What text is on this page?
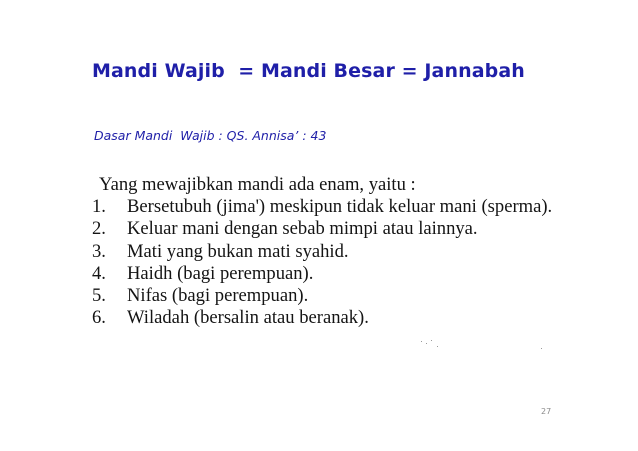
Mandi Wajib  = Mandi Besar = Jannabah
Dasar Mandi  Wajib : QS. Annisa’ : 43
Yang mewajibkan mandi ada enam, yaitu :
1.	Bersetubuh (jima') meskipun tidak keluar mani (sperma).
2.	Keluar mani dengan sebab mimpi atau lainnya.
3.	Mati yang bukan mati syahid.
4.	Haidh (bagi perempuan).
5.	Nifas (bagi perempuan).
6.	Wiladah (bersalin atau beranak).
27
